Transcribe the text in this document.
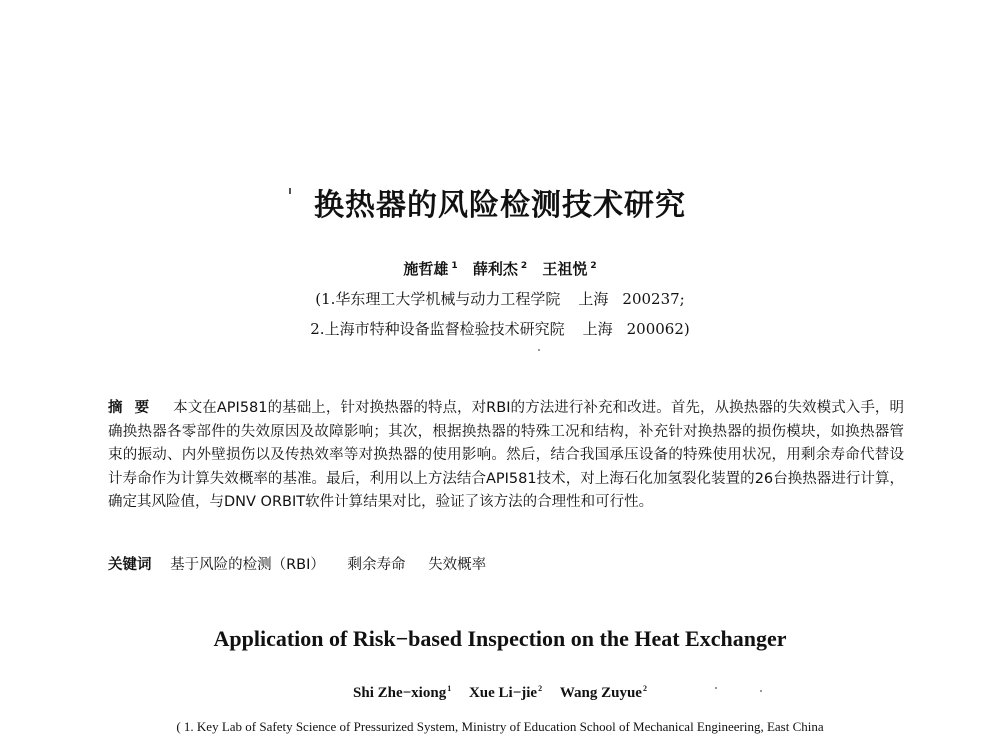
换热器的风险检测技术研究
施哲雄 $^1$ 薛利杰 $^2$ 王祖悦 $^2$
(1.华东理工大学机械与动力工程学院 上海 200237;
2.上海市特种设备监督检验技术研究院 上海 200062)
摘要 本文在API581的基础上，针对换热器的特点，对RBI的方法进行补充和改进。首先，从换热器的失效模式入手，明确换热器各零部件的失效原因及故障影响；其次，根据换热器的特殊工况和结构，补充针对换热器的损伤模块，如换热器管束的振动、内外壁损伤以及传热效率等对换热器的使用影响。然后，结合我国承压设备的特殊使用状况，用剩余寿命代替设计寿命作为计算失效概率的基准。最后，利用以上方法结合API581技术，对上海石化加氢裂化装置的26台换热器进行计算，确定其风险值，与DNV ORBIT软件计算结果对比，验证了该方法的合理性和可行性。
关键词 基于风险的检测（RBI） 剩余寿命 失效概率
Application of Risk−based Inspection on the Heat Exchanger
Shi Zhe−xiong$^1$ Xue Li−jie$^2$ Wang Zuyue$^2$
( 1. Key Lab of Safety Science of Pressurized System, Ministry of Education School of Mechanical Engineering, East China
